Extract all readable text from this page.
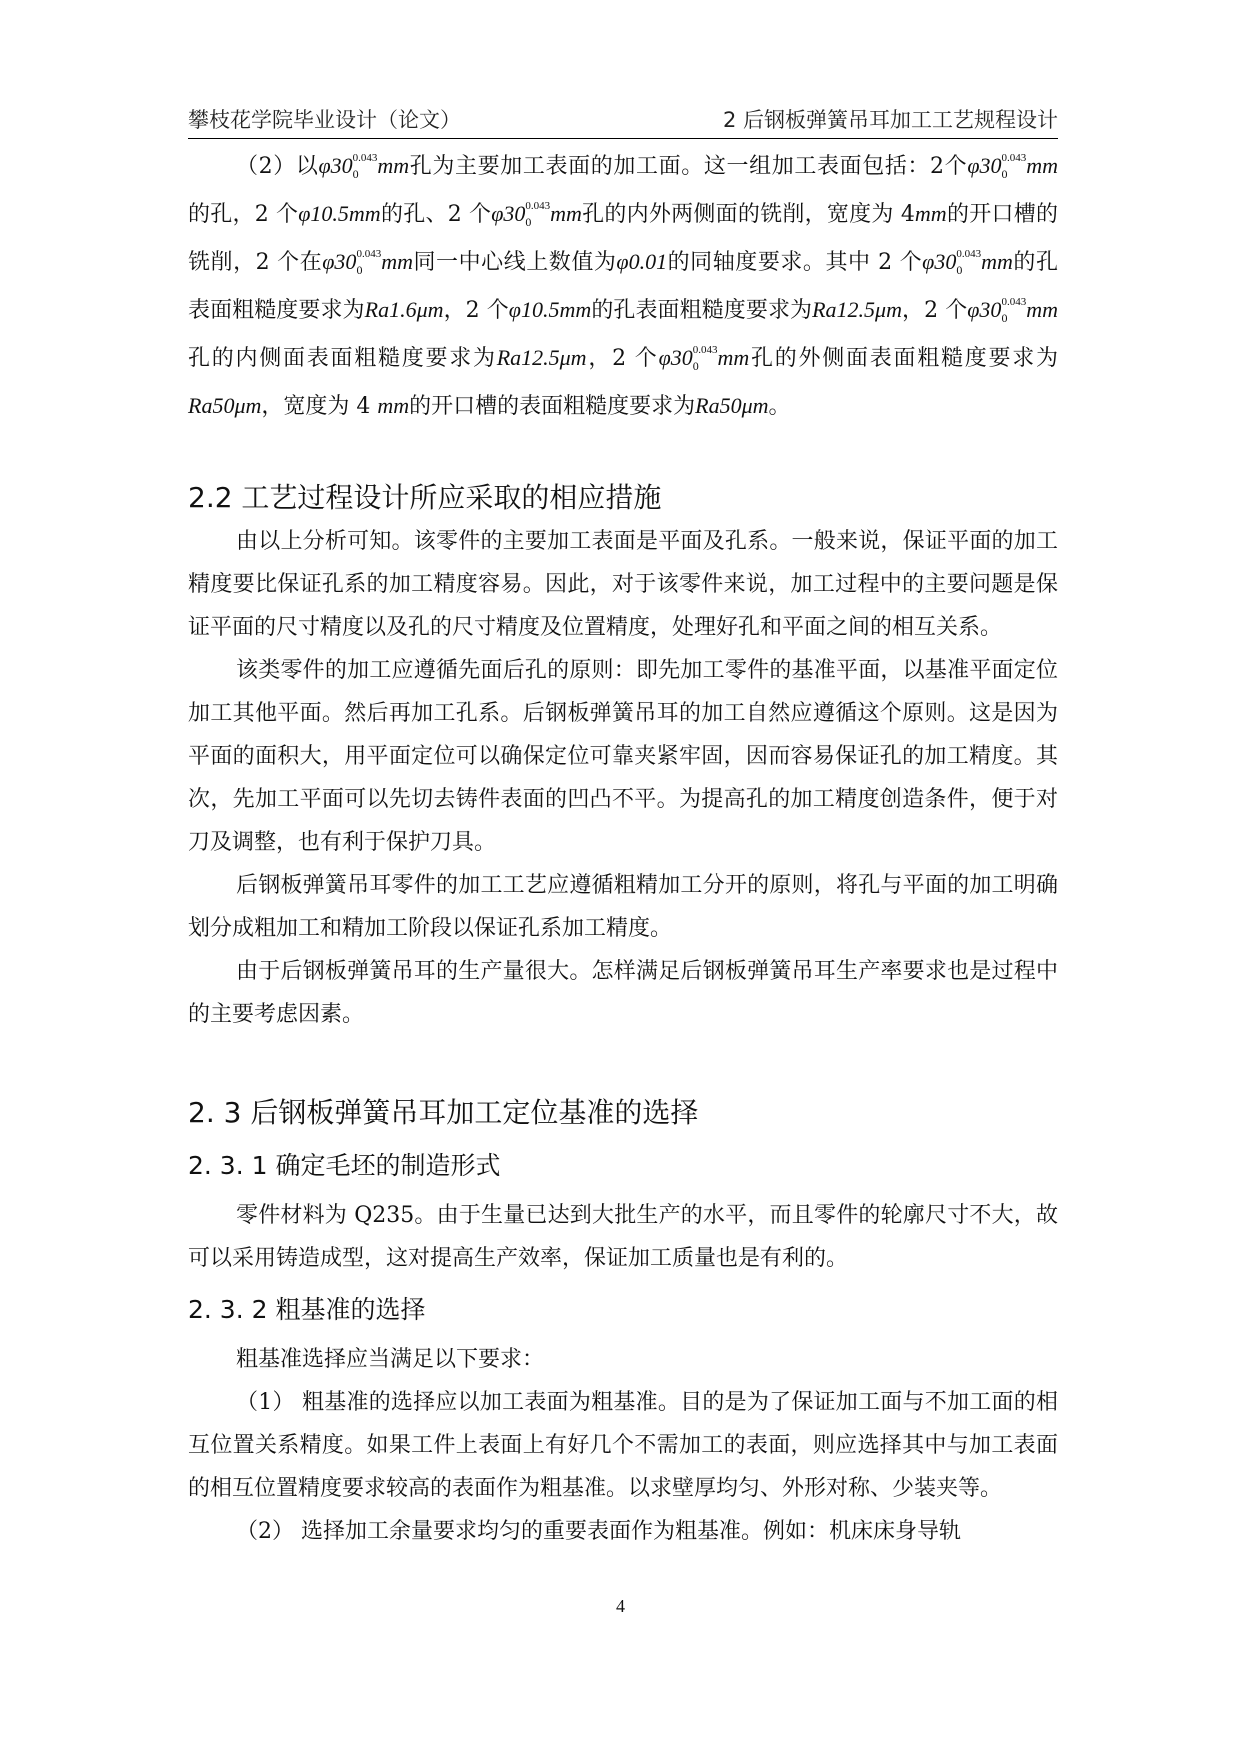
攀枝花学院毕业设计（论文）	2 后钢板弹簧吊耳加工工艺规程设计

（2）以$\varphi 30_0^{0.043}mm$孔为主要加工表面的加工面。这一组加工表面包括：2个$\varphi 30_0^{0.043}mm$的孔，2 个φ10.5mm的孔、2 个$\varphi 30_0^{0.043}mm$孔的内外两侧面的铣削，宽度为 4mm的开口槽的铣削，2 个在$\varphi 30_0^{0.043}mm$同一中心线上数值为φ0.01的同轴度要求。其中 2 个$\varphi 30_0^{0.043}mm$的孔表面粗糙度要求为Ra1.6μm，2 个φ10.5mm的孔表面粗糙度要求为Ra12.5μm，2 个$\varphi 30_0^{0.043}mm$孔的内侧面表面粗糙度要求为Ra12.5μm，2 个$\varphi 30_0^{0.043}mm$孔的外侧面表面粗糙度要求为Ra50μm，宽度为 4 mm的开口槽的表面粗糙度要求为Ra50μm。

2.2 工艺过程设计所应采取的相应措施

由以上分析可知。该零件的主要加工表面是平面及孔系。一般来说，保证平面的加工精度要比保证孔系的加工精度容易。因此，对于该零件来说，加工过程中的主要问题是保证平面的尺寸精度以及孔的尺寸精度及位置精度，处理好孔和平面之间的相互关系。

该类零件的加工应遵循先面后孔的原则：即先加工零件的基准平面，以基准平面定位加工其他平面。然后再加工孔系。后钢板弹簧吊耳的加工自然应遵循这个原则。这是因为平面的面积大，用平面定位可以确保定位可靠夹紧牢固，因而容易保证孔的加工精度。其次，先加工平面可以先切去铸件表面的凹凸不平。为提高孔的加工精度创造条件，便于对刀及调整，也有利于保护刀具。

后钢板弹簧吊耳零件的加工工艺应遵循粗精加工分开的原则，将孔与平面的加工明确划分成粗加工和精加工阶段以保证孔系加工精度。

由于后钢板弹簧吊耳的生产量很大。怎样满足后钢板弹簧吊耳生产率要求也是过程中的主要考虑因素。

2. 3 后钢板弹簧吊耳加工定位基准的选择
2. 3. 1 确定毛坯的制造形式

零件材料为 Q235。由于生量已达到大批生产的水平，而且零件的轮廓尺寸不大，故可以采用铸造成型，这对提高生产效率，保证加工质量也是有利的。

2. 3. 2 粗基准的选择

粗基准选择应当满足以下要求：

（1） 粗基准的选择应以加工表面为粗基准。目的是为了保证加工面与不加工面的相互位置关系精度。如果工件上表面上有好几个不需加工的表面，则应选择其中与加工表面的相互位置精度要求较高的表面作为粗基准。以求壁厚均匀、外形对称、少装夹等。

（2） 选择加工余量要求均匀的重要表面作为粗基准。例如：机床床身导轨

4
